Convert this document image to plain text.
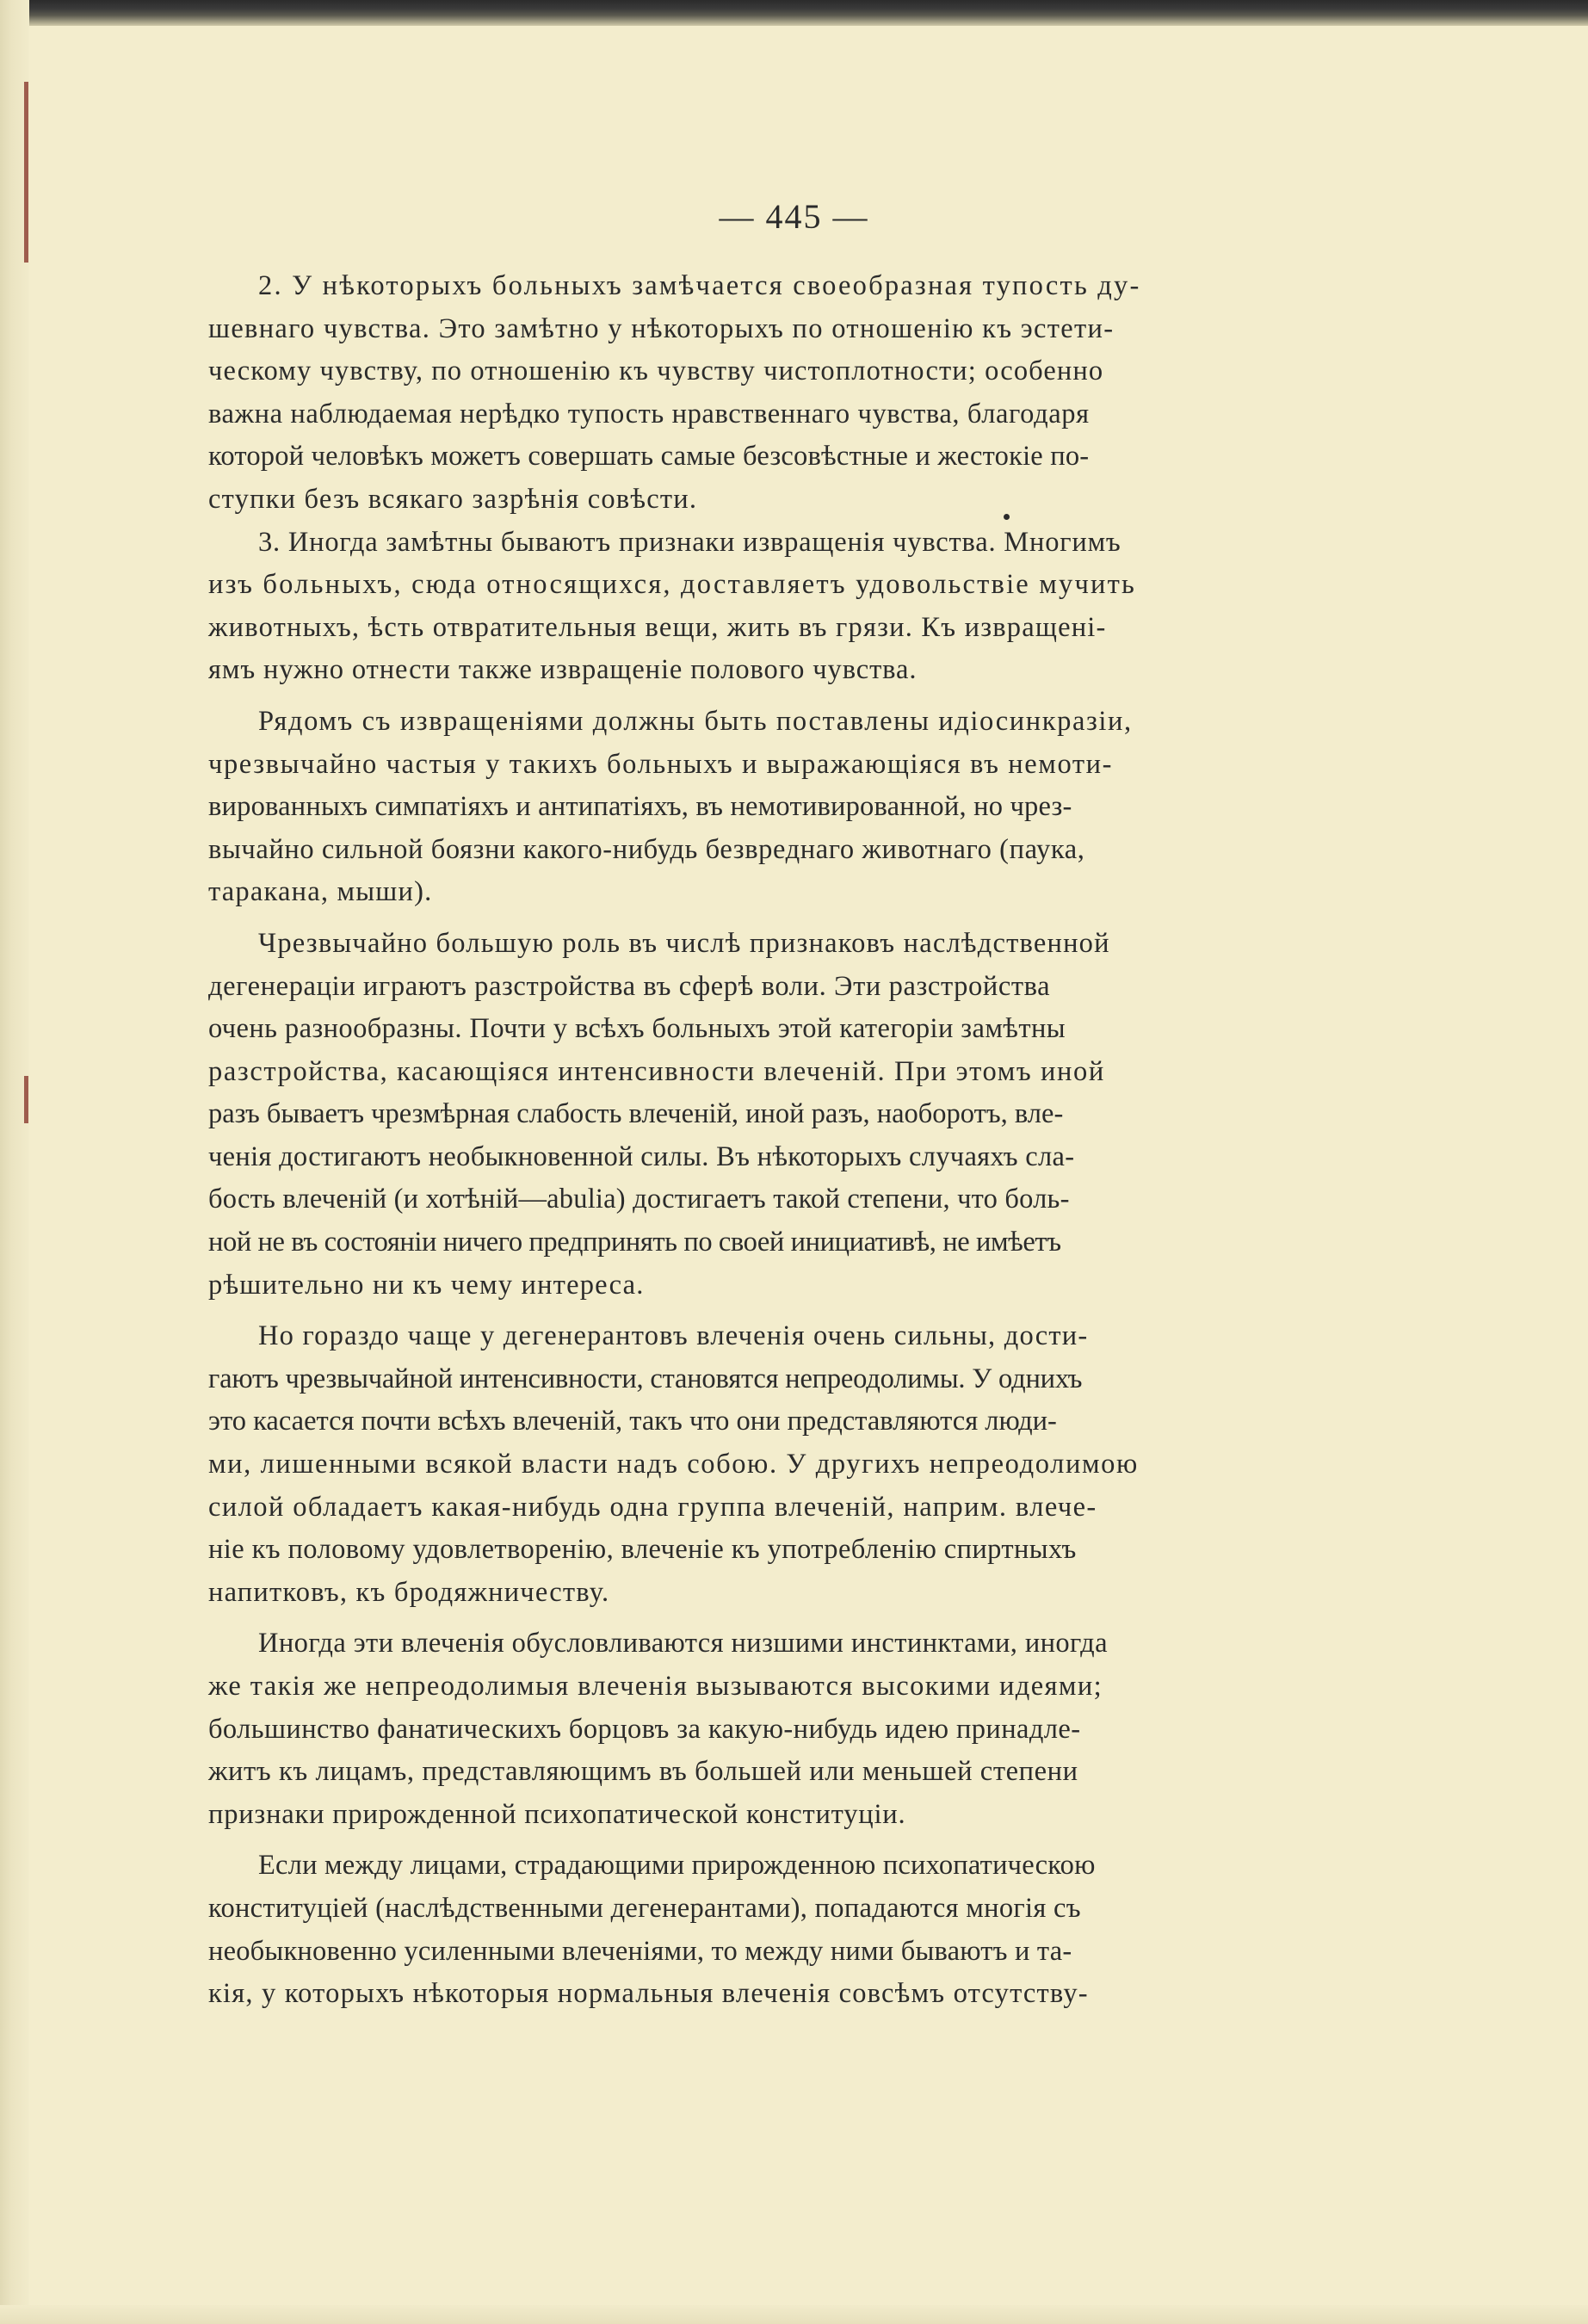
— 445 —
2. У нѣкоторыхъ больныхъ замѣчается своеобразная тупость ду-
шевнаго чувства. Это замѣтно у нѣкоторыхъ по отношенію къ эстети-
ческому чувству, по отношенію къ чувству чистоплотности; особенно
важна наблюдаемая нерѣдко тупость нравственнаго чувства, благодаря
которой человѣкъ можетъ совершать самые безсовѣстные и жестокіе по-
ступки безъ всякаго зазрѣнія совѣсти.
3. Иногда замѣтны бываютъ признаки извращенія чувства. Многимъ
изъ больныхъ, сюда относящихся, доставляетъ удовольствіе мучить
животныхъ, ѣсть отвратительныя вещи, жить въ грязи. Къ извращені-
ямъ нужно отнести также извращеніе полового чувства.
Рядомъ съ извращеніями должны быть поставлены идіосинкразіи,
чрезвычайно частыя у такихъ больныхъ и выражающіяся въ немоти-
вированныхъ симпатіяхъ и антипатіяхъ, въ немотивированной, но чрез-
вычайно сильной боязни какого-нибудь безвреднаго животнаго (паука,
таракана, мыши).
Чрезвычайно большую роль въ числѣ признаковъ наслѣдственной
дегенераціи играютъ разстройства въ сферѣ воли. Эти разстройства
очень разнообразны. Почти у всѣхъ больныхъ этой категоріи замѣтны
разстройства, касающіяся интенсивности влеченій. При этомъ иной
разъ бываетъ чрезмѣрная слабость влеченій, иной разъ, наоборотъ, вле-
ченія достигаютъ необыкновенной силы. Въ нѣкоторыхъ случаяхъ сла-
бость влеченій (и хотѣній—abulia) достигаетъ такой степени, что боль-
ной не въ состояніи ничего предпринять по своей инициативѣ, не имѣетъ
рѣшительно ни къ чему интереса.
Но гораздо чаще у дегенерантовъ влеченія очень сильны, дости-
гаютъ чрезвычайной интенсивности, становятся непреодолимы. У однихъ
это касается почти всѣхъ влеченій, такъ что они представляются люди-
ми, лишенными всякой власти надъ собою. У другихъ непреодолимою
силой обладаетъ какая-нибудь одна группа влеченій, наприм. влече-
ніе къ половому удовлетворенію, влеченіе къ употребленію спиртныхъ
напитковъ, къ бродяжничеству.
Иногда эти влеченія обусловливаются низшими инстинктами, иногда
же такія же непреодолимыя влеченія вызываются высокими идеями;
большинство фанатическихъ борцовъ за какую-нибудь идею принадле-
житъ къ лицамъ, представляющимъ въ большей или меньшей степени
признаки прирожденной психопатической конституціи.
Если между лицами, страдающими прирожденною психопатическою
конституціей (наслѣдственными дегенерантами), попадаются многія съ
необыкновенно усиленными влеченіями, то между ними бываютъ и та-
кія, у которыхъ нѣкоторыя нормальныя влеченія совсѣмъ отсутству-
